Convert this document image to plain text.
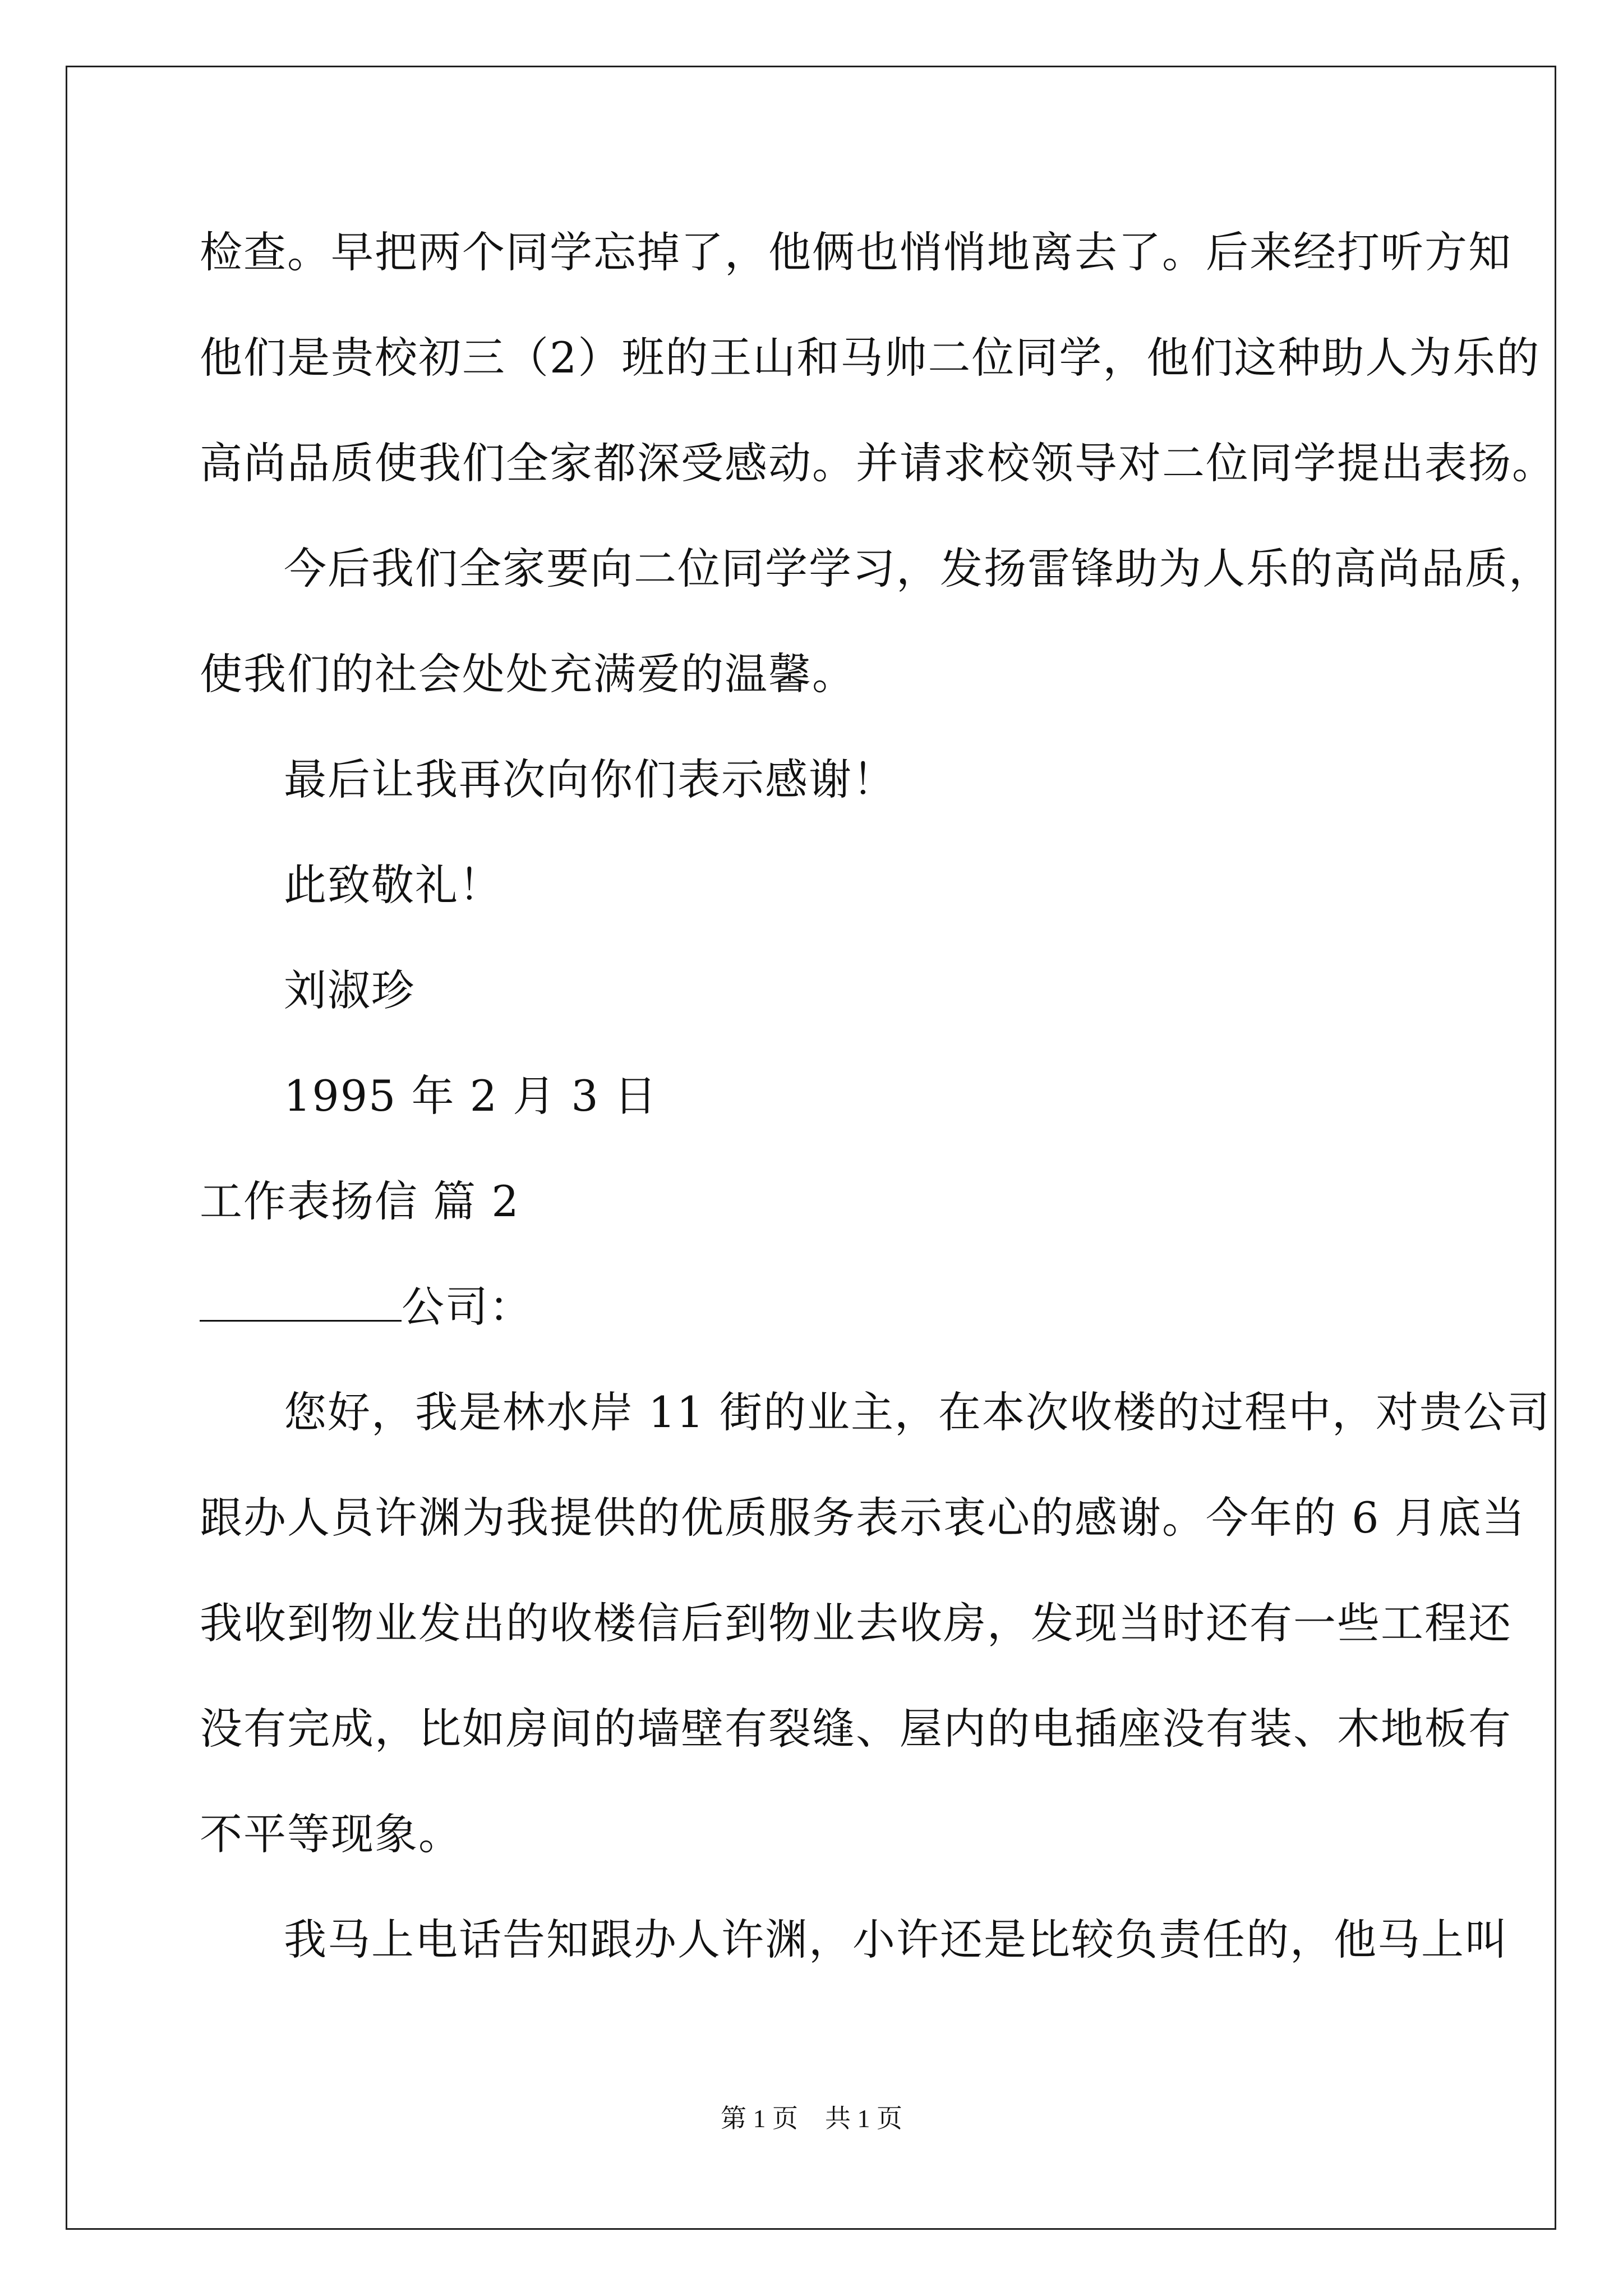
检查。早把两个同学忘掉了，他俩也悄悄地离去了。后来经打听方知
他们是贵校初三（2）班的王山和马帅二位同学，他们这种助人为乐的
高尚品质使我们全家都深受感动。并请求校领导对二位同学提出表扬。
今后我们全家要向二位同学学习，发扬雷锋助为人乐的高尚品质，
使我们的社会处处充满爱的温馨。
最后让我再次向你们表示感谢！
此致敬礼！
刘淑珍
1995 年 2 月 3 日
工作表扬信 篇 2
公司：
您好，我是林水岸 11 街的业主，在本次收楼的过程中，对贵公司
跟办人员许渊为我提供的优质服务表示衷心的感谢。今年的 6 月底当
我收到物业发出的收楼信后到物业去收房，发现当时还有一些工程还
没有完成，比如房间的墙壁有裂缝、屋内的电插座没有装、木地板有
不平等现象。
我马上电话告知跟办人许渊，小许还是比较负责任的，他马上叫
第 1 页 共 1 页
